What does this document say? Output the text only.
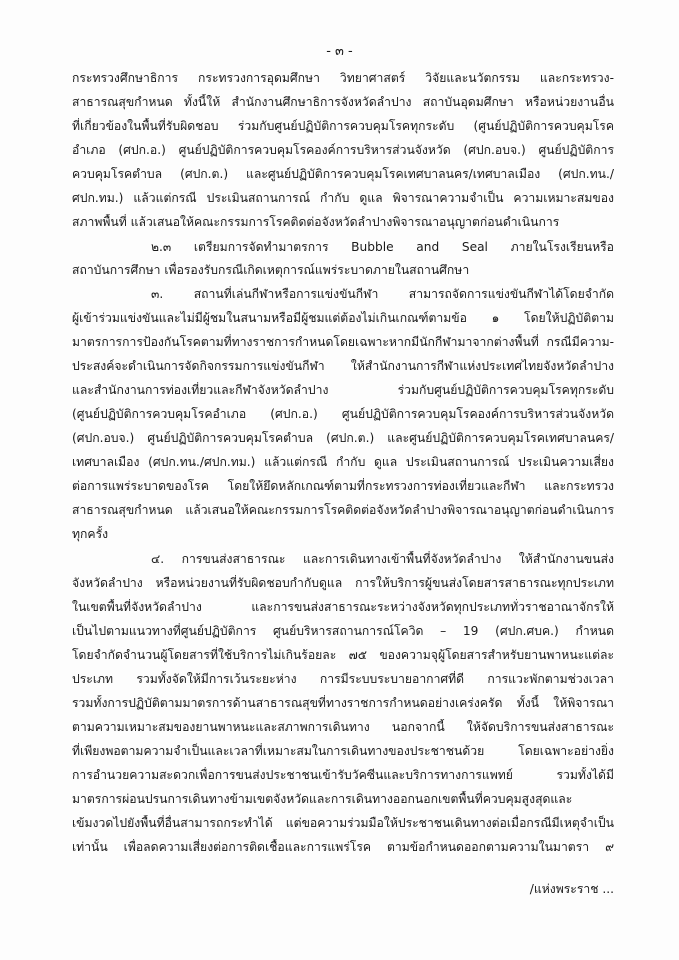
- ๓ -
กระทรวงศึกษาธิการ กระทรวงการอุดมศึกษา วิทยาศาสตร์ วิจัยและนวัตกรรม และกระทรวง-
สาธารณสุขกำหนด ทั้งนี้ให้ สำนักงานศึกษาธิการจังหวัดลำปาง สถาบันอุดมศึกษา หรือหน่วยงานอื่น
ที่เกี่ยวข้องในพื้นที่รับผิดชอบ ร่วมกับศูนย์ปฏิบัติการควบคุมโรคทุกระดับ (ศูนย์ปฏิบัติการควบคุมโรค
อำเภอ (ศปก.อ.) ศูนย์ปฏิบัติการควบคุมโรคองค์การบริหารส่วนจังหวัด (ศปก.อบจ.) ศูนย์ปฏิบัติการ
ควบคุมโรคตำบล (ศปก.ต.) และศูนย์ปฏิบัติการควบคุมโรคเทศบาลนคร/เทศบาลเมือง (ศปก.ทน./
ศปก.ทม.) แล้วแต่กรณี ประเมินสถานการณ์ กำกับ ดูแล พิจารณาความจำเป็น ความเหมาะสมของ
สภาพพื้นที่ แล้วเสนอให้คณะกรรมการโรคติดต่อจังหวัดลำปางพิจารณาอนุญาตก่อนดำเนินการ
๒.๓ เตรียมการจัดทำมาตรการ Bubble and Seal ภายในโรงเรียนหรือ
สถาบันการศึกษา เพื่อรองรับกรณีเกิดเหตุการณ์แพร่ระบาดภายในสถานศึกษา
๓. สถานที่เล่นกีฬาหรือการแข่งขันกีฬา สามารถจัดการแข่งขันกีฬาได้โดยจำกัด
ผู้เข้าร่วมแข่งขันและไม่มีผู้ชมในสนามหรือมีผู้ชมแต่ต้องไม่เกินเกณฑ์ตามข้อ ๑ โดยให้ปฏิบัติตาม
มาตรการการป้องกันโรคตามที่ทางราชการกำหนดโดยเฉพาะหากมีนักกีฬามาจากต่างพื้นที่ กรณีมีความ-
ประสงค์จะดำเนินการจัดกิจกรรมการแข่งขันกีฬา ให้สำนักงานการกีฬาแห่งประเทศไทยจังหวัดลำปาง
และสำนักงานการท่องเที่ยวและกีฬาจังหวัดลำปาง ร่วมกับศูนย์ปฏิบัติการควบคุมโรคทุกระดับ
(ศูนย์ปฏิบัติการควบคุมโรคอำเภอ (ศปก.อ.) ศูนย์ปฏิบัติการควบคุมโรคองค์การบริหารส่วนจังหวัด
(ศปก.อบจ.) ศูนย์ปฏิบัติการควบคุมโรคตำบล (ศปก.ต.) และศูนย์ปฏิบัติการควบคุมโรคเทศบาลนคร/
เทศบาลเมือง (ศปก.ทน./ศปก.ทม.) แล้วแต่กรณี กำกับ ดูแล ประเมินสถานการณ์ ประเมินความเสี่ยง
ต่อการแพร่ระบาดของโรค โดยให้ยึดหลักเกณฑ์ตามที่กระทรวงการท่องเที่ยวและกีฬา และกระทรวง
สาธารณสุขกำหนด แล้วเสนอให้คณะกรรมการโรคติดต่อจังหวัดลำปางพิจารณาอนุญาตก่อนดำเนินการ
ทุกครั้ง
๔. การขนส่งสาธารณะ และการเดินทางเข้าพื้นที่จังหวัดลำปาง ให้สำนักงานขนส่ง
จังหวัดลำปาง หรือหน่วยงานที่รับผิดชอบกำกับดูแล การให้บริการผู้ขนส่งโดยสารสาธารณะทุกประเภท
ในเขตพื้นที่จังหวัดลำปาง และการขนส่งสาธารณะระหว่างจังหวัดทุกประเภททั่วราชอาณาจักรให้
เป็นไปตามแนวทางที่ศูนย์ปฏิบัติการ ศูนย์บริหารสถานการณ์โควิด – 19 (ศปก.ศบค.) กำหนด
โดยจำกัดจำนวนผู้โดยสารที่ใช้บริการไม่เกินร้อยละ ๗๕ ของความจุผู้โดยสารสำหรับยานพาหนะแต่ละ
ประเภท รวมทั้งจัดให้มีการเว้นระยะห่าง การมีระบบระบายอากาศที่ดี การแวะพักตามช่วงเวลา
รวมทั้งการปฏิบัติตามมาตรการด้านสาธารณสุขที่ทางราชการกำหนดอย่างเคร่งครัด ทั้งนี้ ให้พิจารณา
ตามความเหมาะสมของยานพาหนะและสภาพการเดินทาง นอกจากนี้ ให้จัดบริการขนส่งสาธารณะ
ที่เพียงพอตามความจำเป็นและเวลาที่เหมาะสมในการเดินทางของประชาชนด้วย โดยเฉพาะอย่างยิ่ง
การอำนวยความสะดวกเพื่อการขนส่งประชาชนเข้ารับวัคซีนและบริการทางการแพทย์ รวมทั้งได้มี
มาตรการผ่อนปรนการเดินทางข้ามเขตจังหวัดและการเดินทางออกนอกเขตพื้นที่ควบคุมสูงสุดและ
เข้มงวดไปยังพื้นที่อื่นสามารถกระทำได้ แต่ขอความร่วมมือให้ประชาชนเดินทางต่อเมื่อกรณีมีเหตุจำเป็น
เท่านั้น เพื่อลดความเสี่ยงต่อการติดเชื้อและการแพร่โรค ตามข้อกำหนดออกตามความในมาตรา ๙
/แห่งพระราช ...
